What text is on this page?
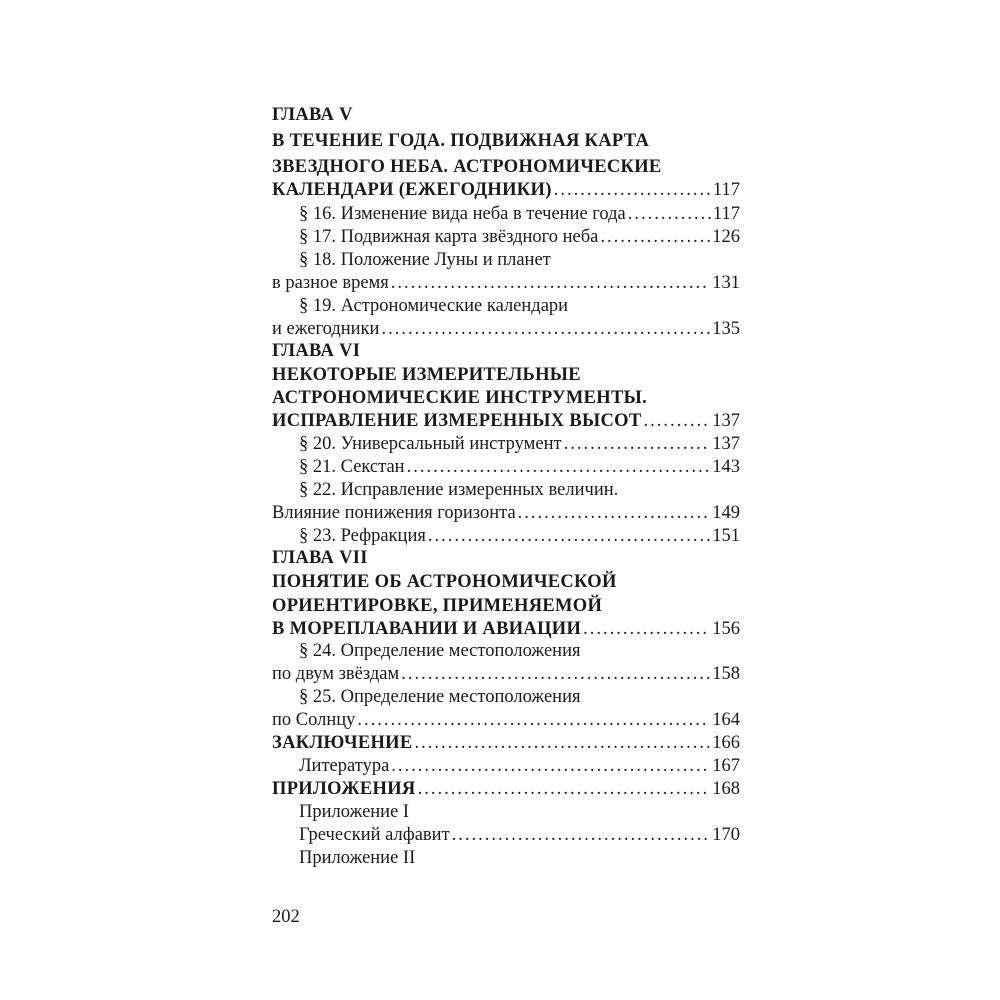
ГЛАВА V
В ТЕЧЕНИЕ ГОДА. ПОДВИЖНАЯ КАРТА
ЗВЕЗДНОГО НЕБА. АСТРОНОМИЧЕСКИЕ
КАЛЕНДАРИ (ЕЖЕГОДНИКИ) .....	117
§ 16. Изменение вида неба в течение года .....	117
§ 17. Подвижная карта звёздного неба .....	126
§ 18. Положение Луны и планет
в разное время .....	131
§ 19. Астрономические календари
и ежегодники .....	135
ГЛАВА VI
НЕКОТОРЫЕ ИЗМЕРИТЕЛЬНЫЕ
АСТРОНОМИЧЕСКИЕ ИНСТРУМЕНТЫ.
ИСПРАВЛЕНИЕ ИЗМЕРЕННЫХ ВЫСОТ .....	137
§ 20. Универсальный инструмент .....	137
§ 21. Секстан .....	143
§ 22. Исправление измеренных величин.
Влияние понижения горизонта .....	149
§ 23. Рефракция .....	151
ГЛАВА VII
ПОНЯТИЕ ОБ АСТРОНОМИЧЕСКОЙ
ОРИЕНТИРОВКЕ, ПРИМЕНЯЕМОЙ
В МОРЕПЛАВАНИИ И АВИАЦИИ .....	156
§ 24. Определение местоположения
по двум звёздам .....	158
§ 25. Определение местоположения
по Солнцу .....	164
ЗАКЛЮЧЕНИЕ .....	166
Литература .....	167
ПРИЛОЖЕНИЯ .....	168
Приложение I
Греческий алфавит .....	170
Приложение II
202
